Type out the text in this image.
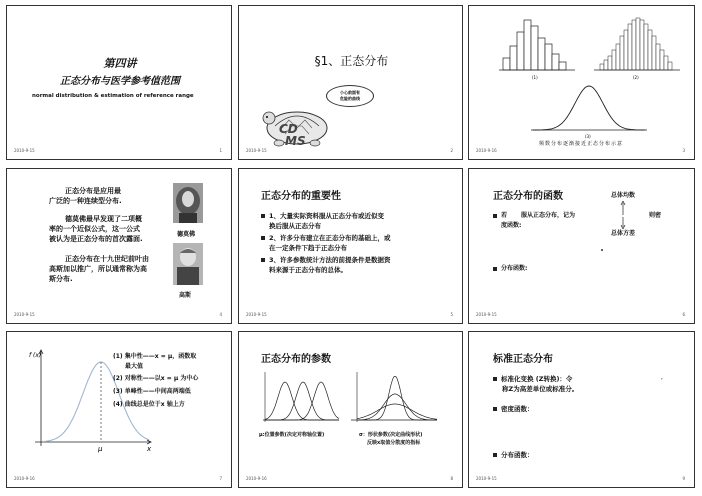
第四讲
正态分布与医学参考值范围
normal distribution & estimation of reference range
2010-9-15	1
§1、正态分布
小心前面有
危险的曲线
CD
MS
2010-9-15	2
(1)	(2)
(3)
频数分布逐渐接近正态分布示意
2010-9-16	3
正态分布是应用最
广泛的一种连续型分布.
德莫佛最早发现了二项概
率的一个近似公式，这一公式
被认为是正态分布的首次露面.
正态分布在十九世纪前叶由
高斯加以推广，所以通常称为高
斯分布.
德莫佛
高斯
2010-9-15	4
正态分布的重要性
1、大量实际资料服从正态分布或近似变
换后服从正态分布
2、许多分布建立在正态分布的基础上，或
在一定条件下趋于正态分布
3、许多参数统计方法的前提条件是数据资
料来源于正态分布的总体。
2010-9-15	5
正态分布的函数	总体均数
若 服从正态分布，记为	则密
度函数:
总体方差
分布函数:
2010-9-15	6
f (x)
μ	x
(1) 集中性——x = μ，函数取
最大值
(2) 对称性——以x = μ 为中心
(3) 单峰性——中间高两端低
(4) 曲线总是位于x 轴上方
2010-9-16	7
正态分布的参数
μ:位置参数(决定对称轴位置)	σ：形状参数(决定曲线形状)
反映x取值分散度的指标
2010-9-16	8
标准正态分布
标准化变换 (Z转换)：令	,
称Z为高差单位或标准分。
密度函数：
分布函数：
2010-9-15	9
